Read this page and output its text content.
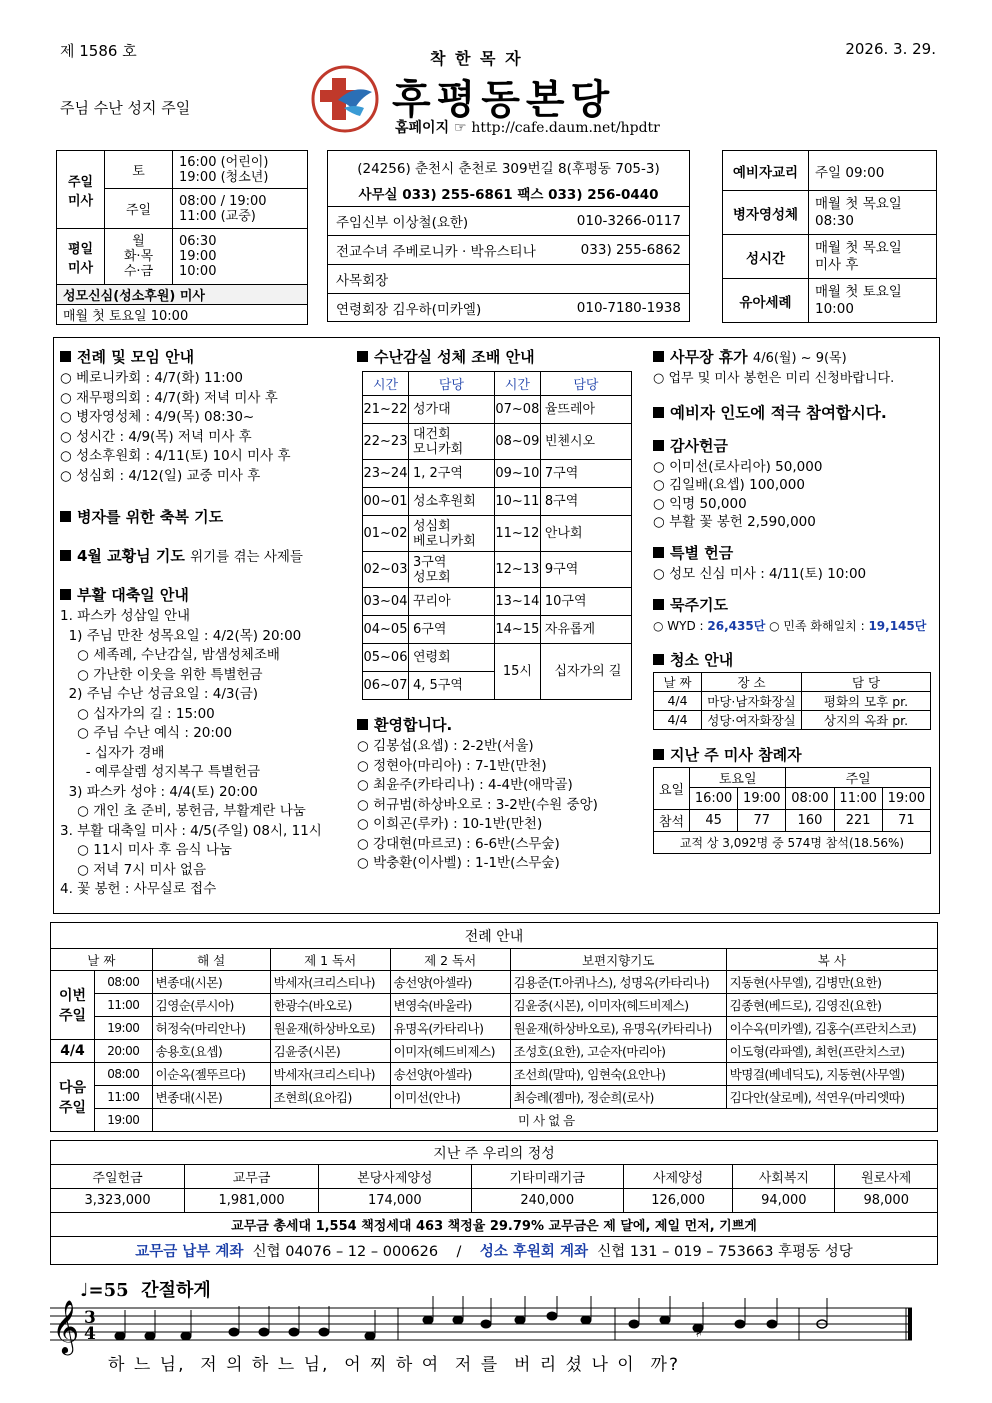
제 1586 호	2026. 3. 29.
주님 수난 성지 주일
착 한 목 자
후평동본당
홈페이지 ☞ http://cafe.daum.net/hpdtr
주일
미사	토	16:00 (어린이)
19:00 (청소년)
	주일	08:00 / 19:00
11:00 (교중)
평일
미사	월
화·목
수·금	06:30
19:00
10:00
성모신심(성소후원) 미사		
매월 첫 토요일 10:00		
(24256) 춘천시 춘천로 309번길 8(후평동 705-3)
사무실 033) 255-6861 팩스 033) 256-0440
주임신부 이상철(요한)	010-3266-0117
전교수녀 주베로니카 · 박유스티나	033) 255-6862
사목회장
연령회장 김우하(미카엘)	010-7180-1938
예비자교리	주일 09:00
병자영성체	매월 첫 목요일
08:30
성시간	매월 첫 목요일
미사 후
유아세례	매월 첫 토요일
10:00
전례 및 모임 안내
○ 베로니카회 : 4/7(화) 11:00
○ 재무평의회 : 4/7(화) 저녁 미사 후
○ 병자영성체 : 4/9(목) 08:30~
○ 성시간 : 4/9(목) 저녁 미사 후
○ 성소후원회 : 4/11(토) 10시 미사 후
○ 성심회 : 4/12(일) 교중 미사 후
병자를 위한 축복 기도
4월 교황님 기도 위기를 겪는 사제들
부활 대축일 안내
1. 파스카 성삼일 안내
1) 주님 만찬 성목요일 : 4/2(목) 20:00
○ 세족례, 수난감실, 밤샘성체조배
○ 가난한 이웃을 위한 특별헌금
2) 주님 수난 성금요일 : 4/3(금)
○ 십자가의 길 : 15:00
○ 주님 수난 예식 : 20:00
- 십자가 경배
- 예루살렘 성지복구 특별헌금
3) 파스카 성야 : 4/4(토) 20:00
○ 개인 초 준비, 봉헌금, 부활계란 나눔
3. 부활 대축일 미사 : 4/5(주일) 08시, 11시
○ 11시 미사 후 음식 나눔
○ 저녁 7시 미사 없음
4. 꽃 봉헌 : 사무실로 접수
수난감실 성체 조배 안내
시간	담당	시간	담당
21~22	성가대	07~08	율뜨레아
22~23	대건회
모니카회	08~09	빈첸시오
23~24	1, 2구역	09~10	7구역
00~01	성소후원회	10~11	8구역
01~02	성심회
베로니카회	11~12	안나회
02~03	3구역
성모회	12~13	9구역
03~04	꾸리아	13~14	10구역
04~05	6구역	14~15	자유롭게
05~06	연령회	15시	십자가의 길
06~07	4, 5구역		
환영합니다.
○ 김봉섭(요셉) : 2-2반(서울)
○ 정현아(마리아) : 7-1반(만천)
○ 최윤주(카타리나) : 4-4반(애막골)
○ 허규범(하상바오로 : 3-2반(수원 중앙)
○ 이희곤(루카) : 10-1반(만천)
○ 강대현(마르코) : 6-6반(스무숲)
○ 박충환(이사벨) : 1-1반(스무숲)
사무장 휴가 4/6(월) ~ 9(목)
○ 업무 및 미사 봉헌은 미리 신청바랍니다.
예비자 인도에 적극 참여합시다.
감사헌금
○ 이미선(로사리아) 50,000
○ 김일배(요셉) 100,000
○ 익명 50,000
○ 부활 꽃 봉헌 2,590,000
특별 헌금
○ 성모 신심 미사 : 4/11(토) 10:00
묵주기도
○ WYD : 26,435단 ○ 민족 화해일치 : 19,145단
청소 안내
날 짜	장 소	담 당
4/4	마당·남자화장실	평화의 모후 pr.
4/4	성당·여자화장실	상지의 옥좌 pr.
지난 주 미사 참례자
요일	토요일		주일		
	16:00	19:00	08:00	11:00	19:00
참석	45	77	160	221	71
교적 상 3,092명 중 574명 참석(18.56%)					
전례 안내						
날 짜		해 설	제 1 독서	제 2 독서	보편지향기도	복 사
이번
주일	08:00	변종대(시몬)	박세자(크리스티나)	송선양(아셀라)	김용준(T.아퀴나스), 성명옥(카타리나)	지동현(사무엘), 김병만(요한)
	11:00	김영순(루시아)	한광수(바오로)	변영숙(바울라)	김윤중(시몬), 이미자(헤드비제스)	김종현(베드로), 김영진(요한)
	19:00	허정숙(마리안나)	원윤재(하상바오로)	유명옥(카타리나)	원윤재(하상바오로), 유명옥(카타리나)	이수옥(미카엘), 김홍수(프란치스코)
4/4	20:00	송용호(요셉)	김윤중(시몬)	이미자(헤드비제스)	조성호(요한), 고순자(마리아)	이도형(라파엘), 최헌(프란치스코)
다음
주일	08:00	이순옥(젤뚜르다)	박세자(크리스티나)	송선양(아셀라)	조선희(말따), 임현숙(요안나)	박명걸(베네딕도), 지동현(사무엘)
	11:00	변종대(시몬)	조현희(요아킴)	이미선(안나)	최승례(젬마), 정순희(로사)	김다안(살로메), 석연우(마리엣따)
	19:00	미 사 없 음				
지난 주 우리의 정성						
주일헌금	교무금	본당사제양성	기타미래기금	사제양성	사회복지	원로사제
3,323,000	1,981,000	174,000	240,000	126,000	94,000	98,000
교무금 총세대 1,554 책정세대 463 책정율 29.79% 교무금은 제 달에, 제일 먼저, 기쁘게						
교무금 납부 계좌 신협 04076 – 12 – 000626 / 성소 후원회 계좌 신협 131 – 019 – 753663 후평동 성당						
♩=55 간절하게
𝄞 3
4	♯
하 느 님,  저 의 하 느 님,  어 찌 하 여  저 를  버 리 셨 나 이  까?
